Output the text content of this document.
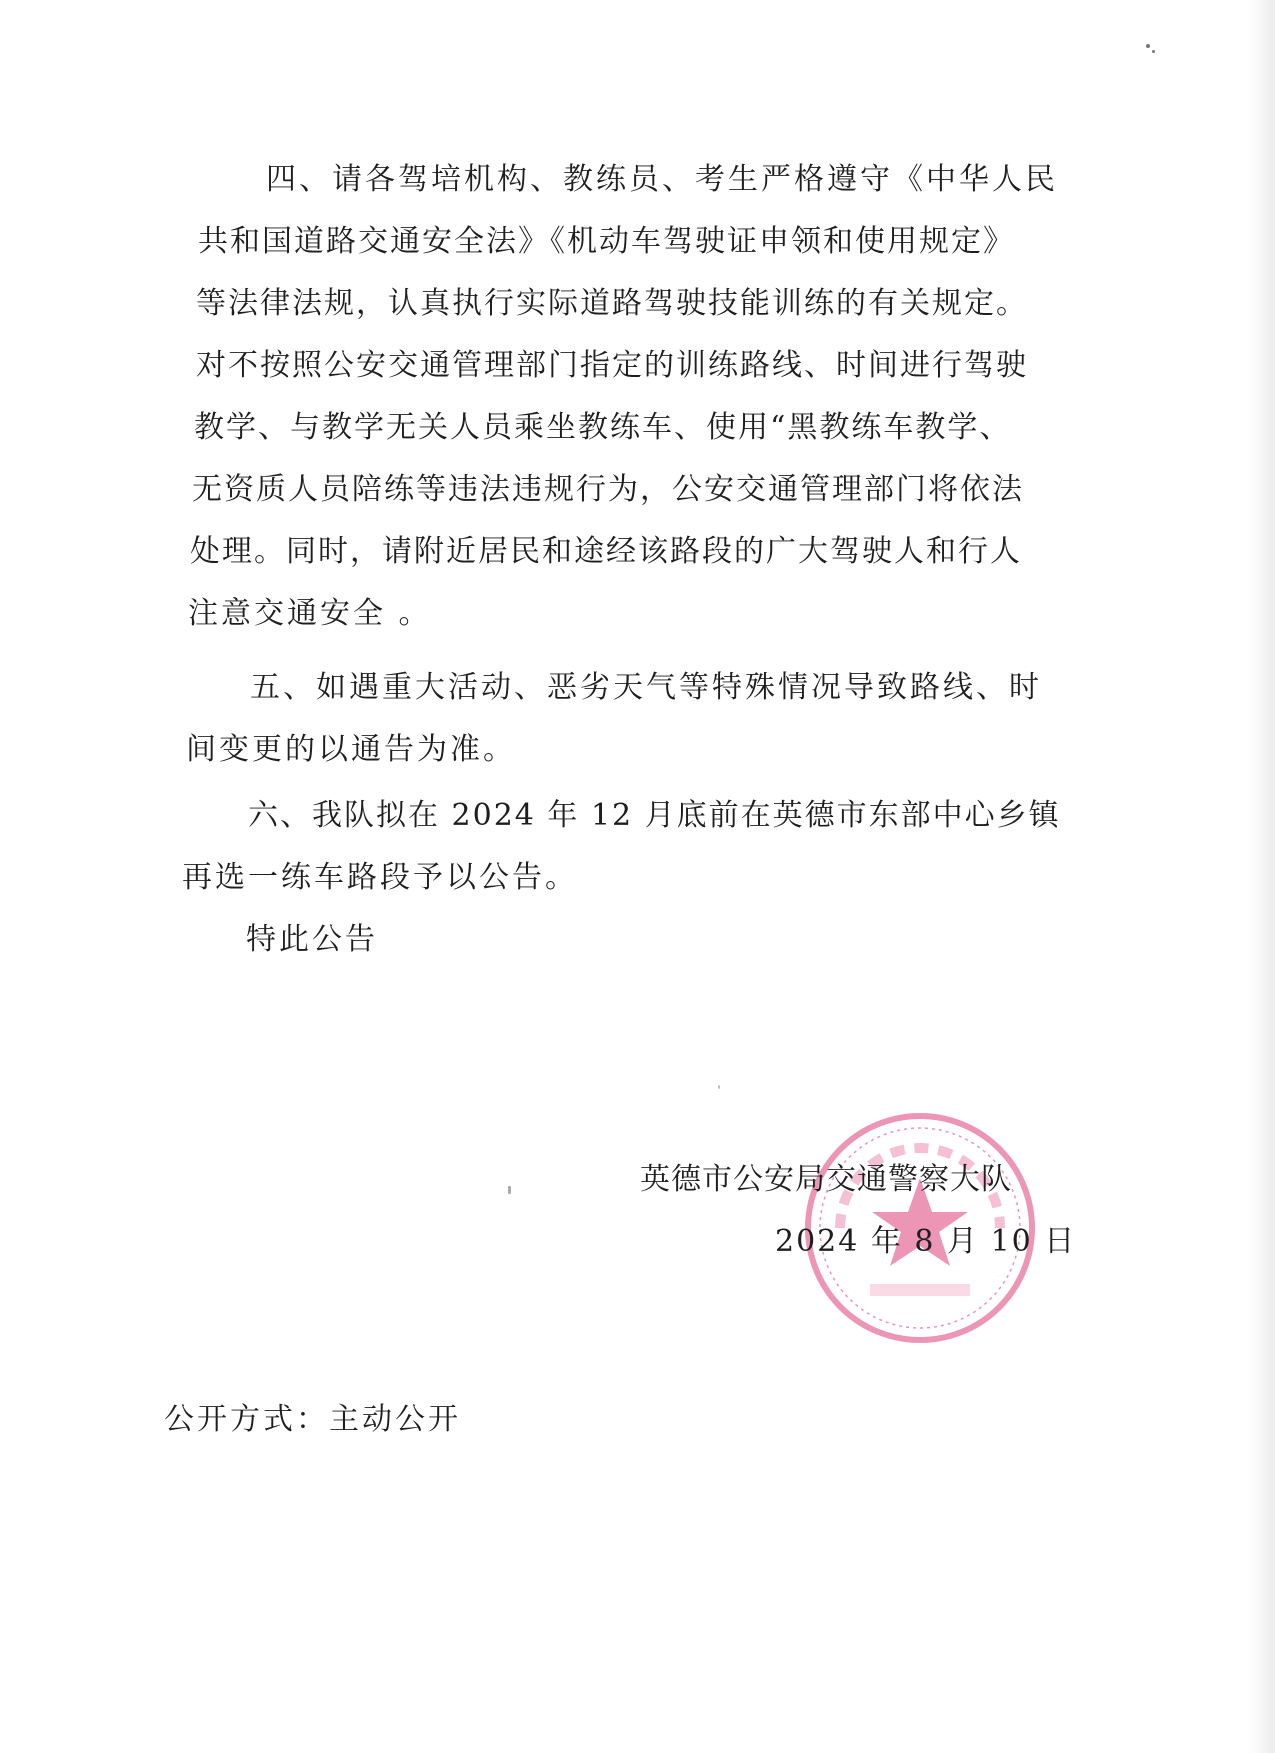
四、请各驾培机构、教练员、考生严格遵守《中华人民
共和国道路交通安全法》《机动车驾驶证申领和使用规定》
等法律法规，认真执行实际道路驾驶技能训练的有关规定。
对不按照公安交通管理部门指定的训练路线、时间进行驾驶
教学、与教学无关人员乘坐教练车、使用“黑教练车教学、
无资质人员陪练等违法违规行为，公安交通管理部门将依法
处理。同时，请附近居民和途经该路段的广大驾驶人和行人
注意交通安全 。
五、如遇重大活动、恶劣天气等特殊情况导致路线、时
间变更的以通告为准。
六、我队拟在 2024 年 12 月底前在英德市东部中心乡镇
再选一练车路段予以公告。
特此公告
英德市公安局交通警察大队
2024 年 8 月 10 日
公开方式：主动公开
